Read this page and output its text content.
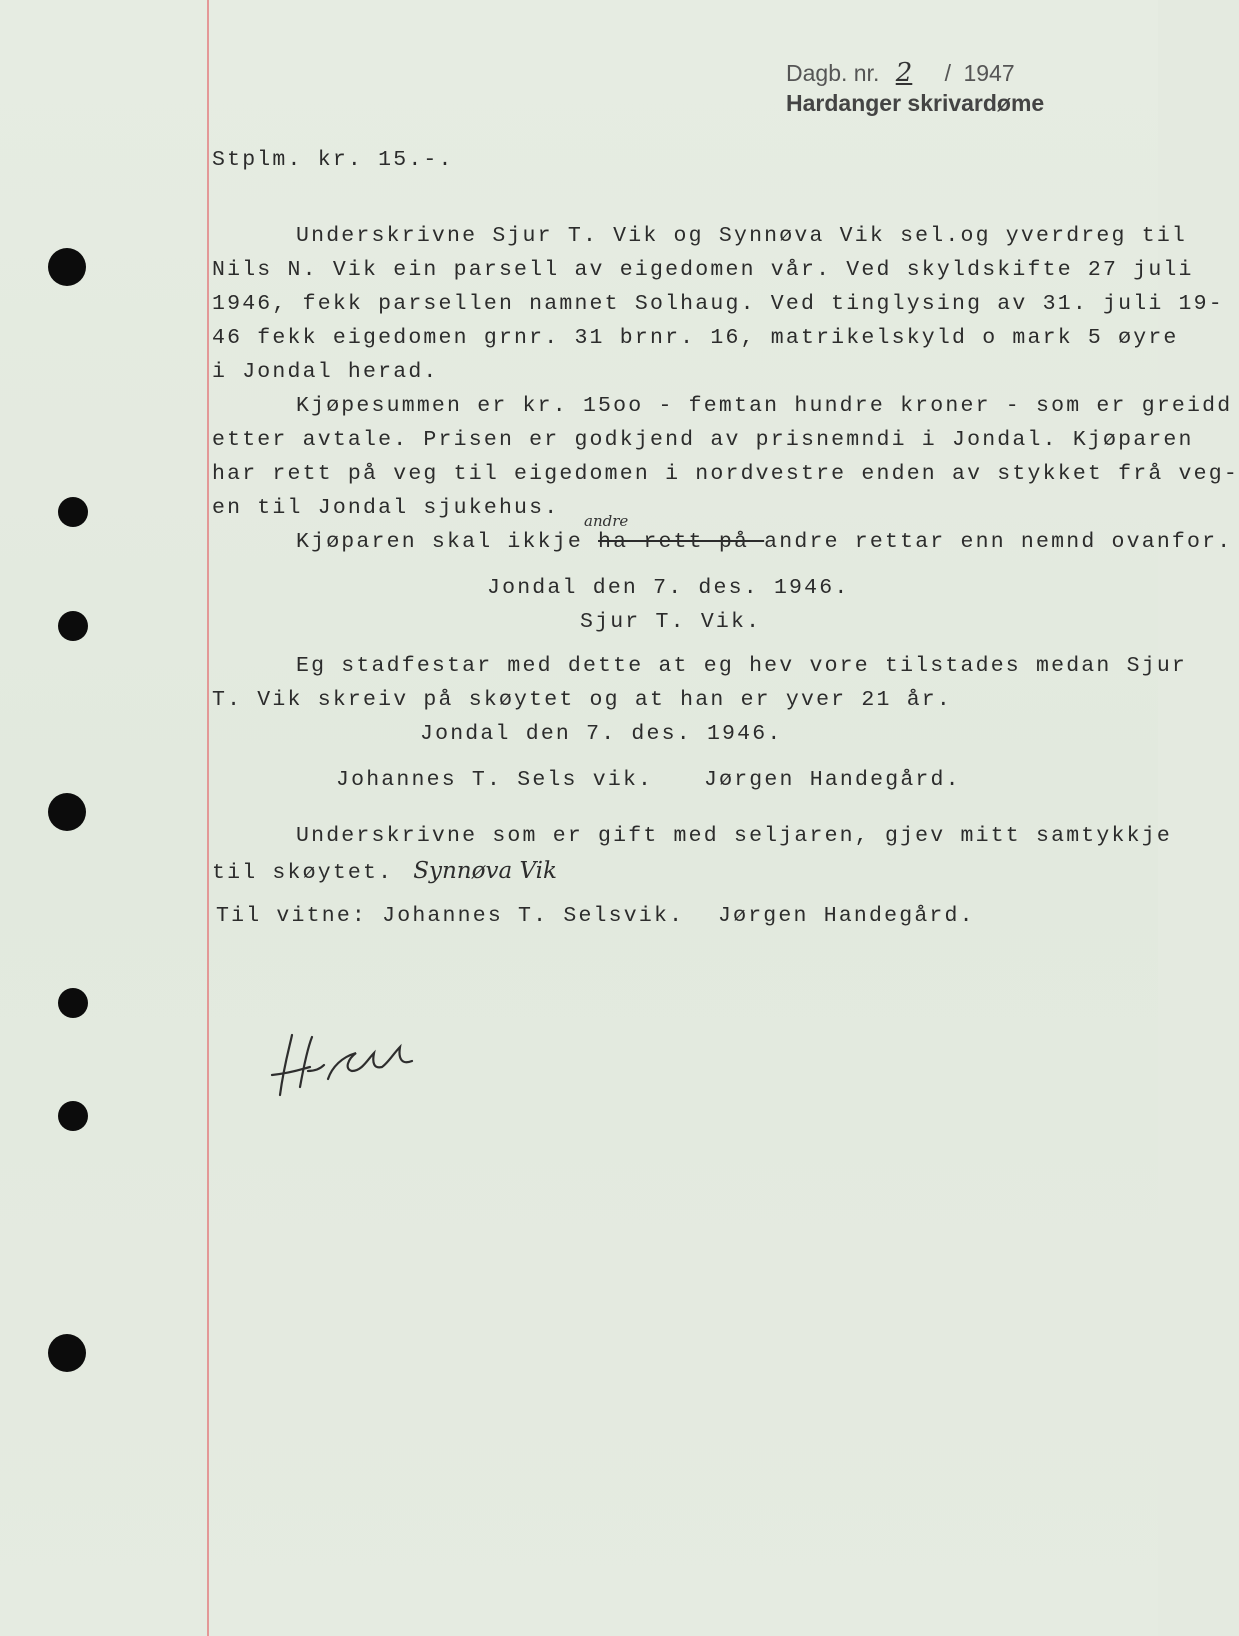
Dagb. nr. 2 / 1947
Hardanger skrivardøme
Stplm. kr. 15.-.
Underskrivne Sjur T. Vik og Synnøva Vik sel.og yverdreg til
Nils N. Vik ein parsell av eigedomen vår. Ved skyldskifte 27 juli
1946, fekk parsellen namnet Solhaug. Ved tinglysing av 31. juli 19-
46 fekk eigedomen grnr. 31 brnr. 16, matrikelskyld o mark 5 øyre
i Jondal herad.
Kjøpesummen er kr. 15oo - femtan hundre kroner - som er greidd
etter avtale. Prisen er godkjend av prisnemndi i Jondal. Kjøparen
har rett på veg til eigedomen i nordvestre enden av stykket frå veg-
en til Jondal sjukehus.
andre
Kjøparen skal ikkje ha rett på andre rettar enn nemnd ovanfor.
Jondal den 7. des. 1946.
Sjur T. Vik.
Eg stadfestar med dette at eg hev vore tilstades medan Sjur
T. Vik skreiv på skøytet og at han er yver 21 år.
Jondal den 7. des. 1946.
Johannes T. Sels vik. Jørgen Handegård.
Underskrivne som er gift med seljaren, gjev mitt samtykkje
til skøytet. Synnøva Vik
Til vitne: Johannes T. Selsvik. Jørgen Handegård.
